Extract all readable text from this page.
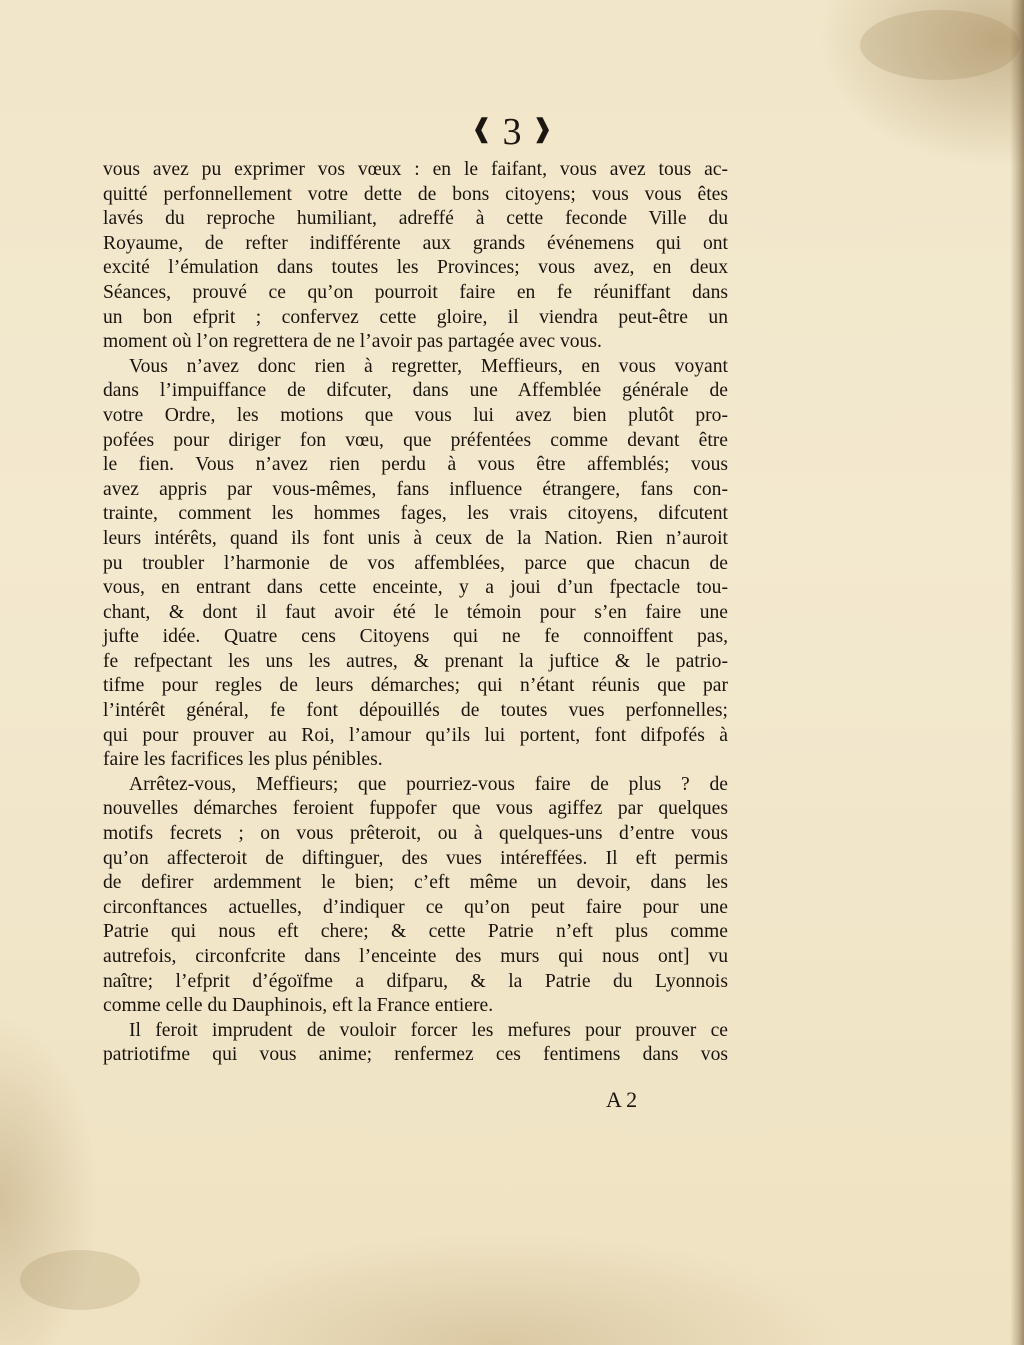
❰ 3 ❱
vous avez pu exprimer vos vœux : en le faifant, vous avez tous ac-
quitté perfonnellement votre dette de bons citoyens; vous vous êtes
lavés du reproche humiliant, adreffé à cette feconde Ville du
Royaume, de refter indifférente aux grands événemens qui ont
excité l’émulation dans toutes les Provinces; vous avez, en deux
Séances, prouvé ce qu’on pourroit faire en fe réuniffant dans
un bon efprit ; confervez cette gloire, il viendra peut-être un
moment où l’on regrettera de ne l’avoir pas partagée avec vous.
Vous n’avez donc rien à regretter, Meffieurs, en vous voyant
dans l’impuiffance de difcuter, dans une Affemblée générale de
votre Ordre, les motions que vous lui avez bien plutôt pro-
pofées pour diriger fon vœu, que préfentées comme devant être
le fien. Vous n’avez rien perdu à vous être affemblés; vous
avez appris par vous-mêmes, fans influence étrangere, fans con-
trainte, comment les hommes fages, les vrais citoyens, difcutent
leurs intérêts, quand ils font unis à ceux de la Nation. Rien n’auroit
pu troubler l’harmonie de vos affemblées, parce que chacun de
vous, en entrant dans cette enceinte, y a joui d’un fpectacle tou-
chant, & dont il faut avoir été le témoin pour s’en faire une
jufte idée. Quatre cens Citoyens qui ne fe connoiffent pas,
fe refpectant les uns les autres, & prenant la juftice & le patrio-
tifme pour regles de leurs démarches; qui n’étant réunis que par
l’intérêt général, fe font dépouillés de toutes vues perfonnelles;
qui pour prouver au Roi, l’amour qu’ils lui portent, font difpofés à
faire les facrifices les plus pénibles.
Arrêtez-vous, Meffieurs; que pourriez-vous faire de plus ? de
nouvelles démarches feroient fuppofer que vous agiffez par quelques
motifs fecrets ; on vous prêteroit, ou à quelques-uns d’entre vous
qu’on affecteroit de diftinguer, des vues intéreffées. Il eft permis
de defirer ardemment le bien; c’eft même un devoir, dans les
circonftances actuelles, d’indiquer ce qu’on peut faire pour une
Patrie qui nous eft chere; & cette Patrie n’eft plus comme
autrefois, circonfcrite dans l’enceinte des murs qui nous ont] vu
naître; l’efprit d’égoïfme a difparu, & la Patrie du Lyonnois
comme celle du Dauphinois, eft la France entiere.
Il feroit imprudent de vouloir forcer les mefures pour prouver ce
patriotifme qui vous anime; renfermez ces fentimens dans vos
A 2
